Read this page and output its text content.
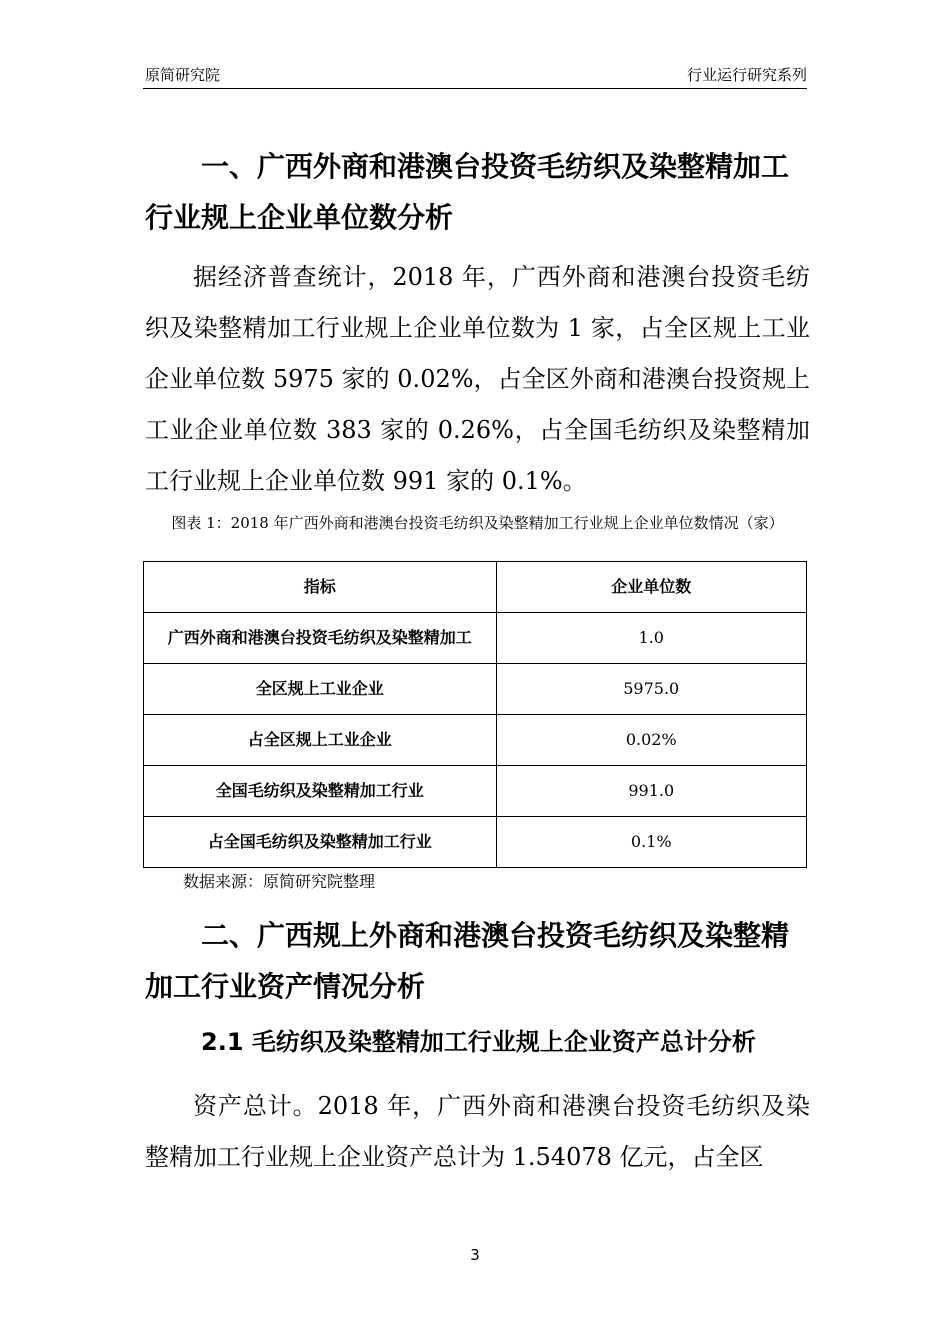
原简研究院	行业运行研究系列
一、广西外商和港澳台投资毛纺织及染整精加工行业规上企业单位数分析

据经济普查统计，2018 年，广西外商和港澳台投资毛纺织及染整精加工行业规上企业单位数为 1 家，占全区规上工业企业单位数 5975 家的 0.02%，占全区外商和港澳台投资规上工业企业单位数 383 家的 0.26%，占全国毛纺织及染整精加工行业规上企业单位数 991 家的 0.1%。

图表 1：2018 年广西外商和港澳台投资毛纺织及染整精加工行业规上企业单位数情况（家）

指标	企业单位数
广西外商和港澳台投资毛纺织及染整精加工	1.0
全区规上工业企业	5975.0
占全区规上工业企业	0.02%
全国毛纺织及染整精加工行业	991.0
占全国毛纺织及染整精加工行业	0.1%
数据来源：原简研究院整理
二、广西规上外商和港澳台投资毛纺织及染整精加工行业资产情况分析
2.1 毛纺织及染整精加工行业规上企业资产总计分析

资产总计。2018 年，广西外商和港澳台投资毛纺织及染整精加工行业规上企业资产总计为 1.54078 亿元，占全区

3
